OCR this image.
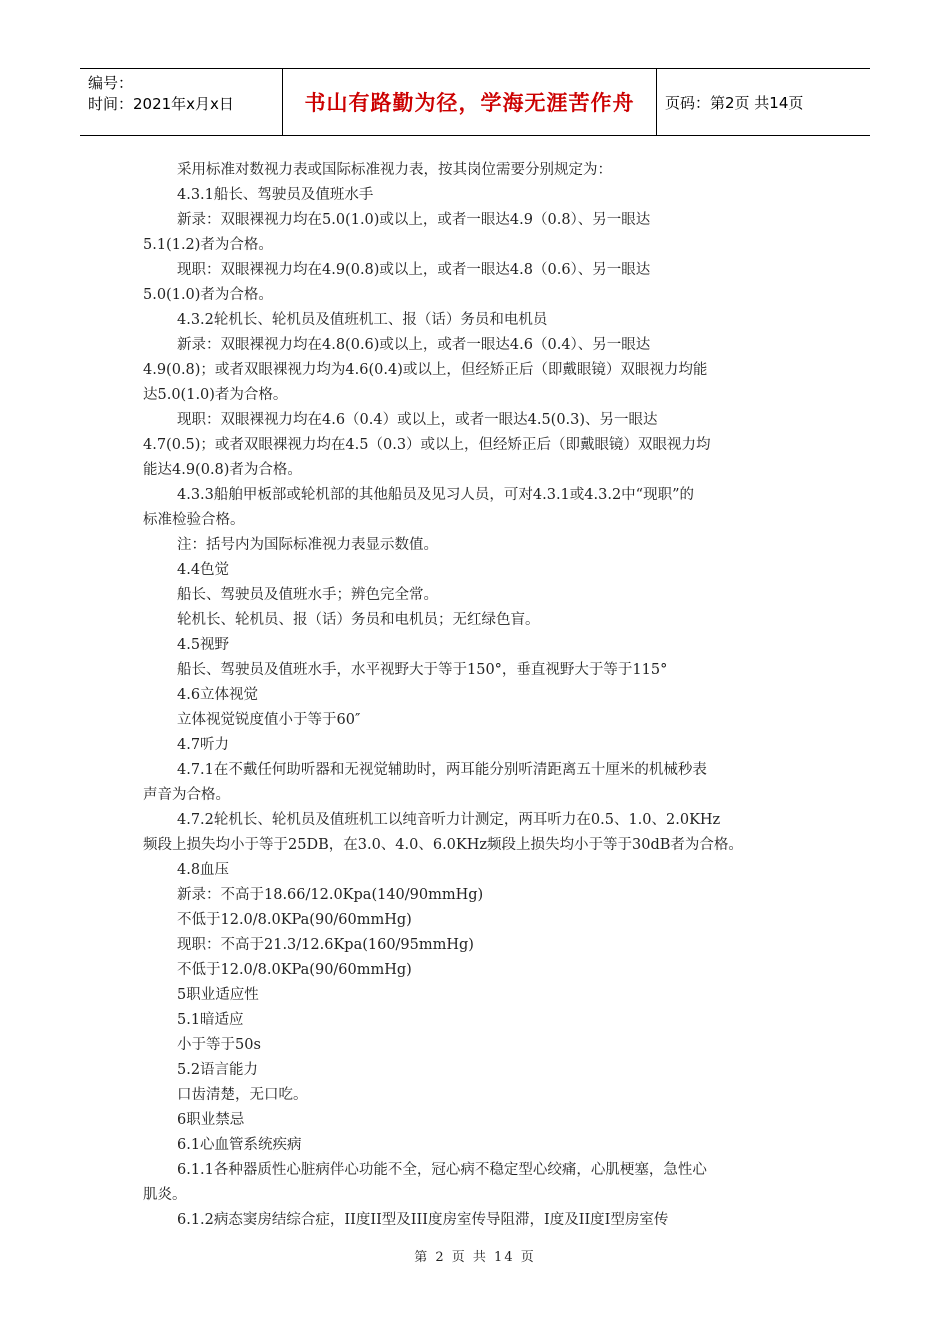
编号：
时间：2021年x月x日	书山有路勤为径，学海无涯苦作舟	页码：第2页 共14页
采用标准对数视力表或国际标准视力表，按其岗位需要分别规定为：
4.3.1船长、驾驶员及值班水手
新录：双眼裸视力均在5.0(1.0)或以上，或者一眼达4.9（0.8）、另一眼达
5.1(1.2)者为合格。
现职：双眼裸视力均在4.9(0.8)或以上，或者一眼达4.8（0.6）、另一眼达
5.0(1.0)者为合格。
4.3.2轮机长、轮机员及值班机工、报（话）务员和电机员
新录：双眼裸视力均在4.8(0.6)或以上，或者一眼达4.6（0.4）、另一眼达
4.9(0.8)；或者双眼裸视力均为4.6(0.4)或以上，但经矫正后（即戴眼镜）双眼视力均能
达5.0(1.0)者为合格。
现职：双眼裸视力均在4.6（0.4）或以上，或者一眼达4.5(0.3)、另一眼达
4.7(0.5)；或者双眼裸视力均在4.5（0.3）或以上，但经矫正后（即戴眼镜）双眼视力均
能达4.9(0.8)者为合格。
4.3.3船舶甲板部或轮机部的其他船员及见习人员，可对4.3.1或4.3.2中“现职”的
标准检验合格。
注：括号内为国际标准视力表显示数值。
4.4色觉
船长、驾驶员及值班水手；辨色完全常。
轮机长、轮机员、报（话）务员和电机员；无红绿色盲。
4.5视野
船长、驾驶员及值班水手，水平视野大于等于150°，垂直视野大于等于115°
4.6立体视觉
立体视觉锐度值小于等于60″
4.7听力
4.7.1在不戴任何助听器和无视觉辅助时，两耳能分别听清距离五十厘米的机械秒表
声音为合格。
4.7.2轮机长、轮机员及值班机工以纯音听力计测定，两耳听力在0.5、1.0、2.0KHz
频段上损失均小于等于25DB，在3.0、4.0、6.0KHz频段上损失均小于等于30dB者为合格。
4.8血压
新录：不高于18.66/12.0Kpa(140/90mmHg)
不低于12.0/8.0KPa(90/60mmHg)
现职：不高于21.3/12.6Kpa(160/95mmHg)
不低于12.0/8.0KPa(90/60mmHg)
5职业适应性
5.1暗适应
小于等于50s
5.2语言能力
口齿清楚，无口吃。
6职业禁忌
6.1心血管系统疾病
6.1.1各种器质性心脏病伴心功能不全，冠心病不稳定型心绞痛，心肌梗塞，急性心
肌炎。
6.1.2病态窦房结综合症，II度II型及III度房室传导阻滞，I度及II度I型房室传
第 2 页 共 14 页
